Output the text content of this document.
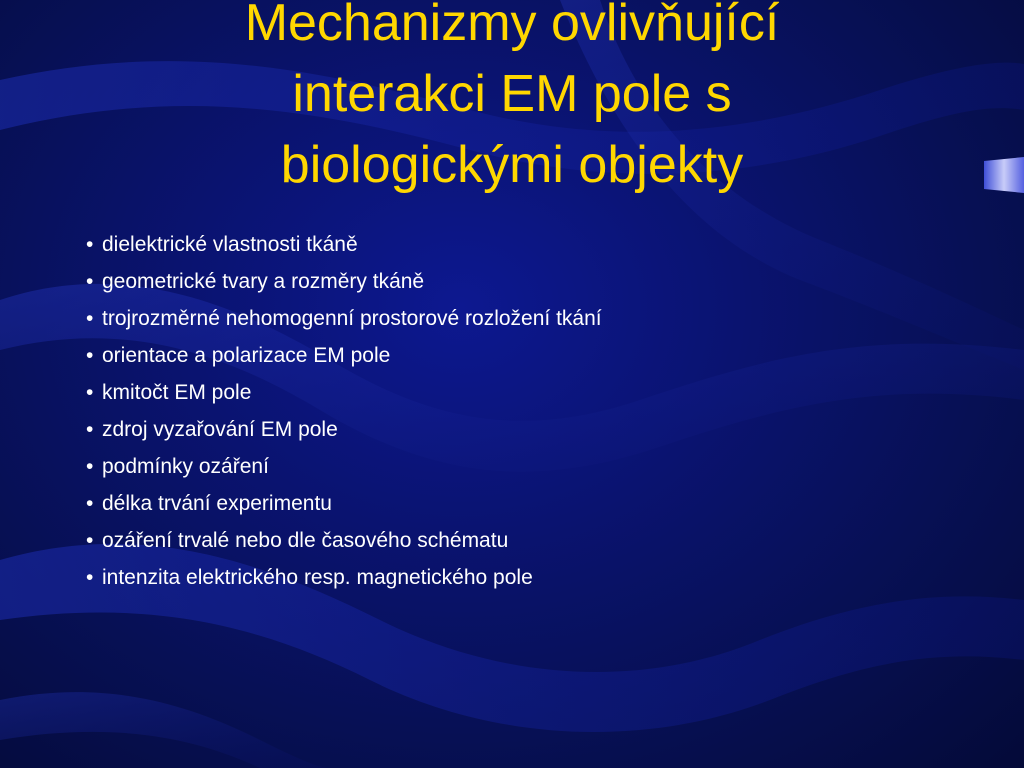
Mechanizmy ovlivňující
interakci EM pole s
biologickými objekty
• dielektrické vlastnosti tkáně
• geometrické tvary a rozměry tkáně
• trojrozměrné nehomogenní prostorové rozložení tkání
• orientace a polarizace EM pole
• kmitočt EM pole
• zdroj vyzařování EM pole
• podmínky ozáření
• délka trvání experimentu
• ozáření trvalé nebo dle časového schématu
• intenzita elektrického resp. magnetického pole
